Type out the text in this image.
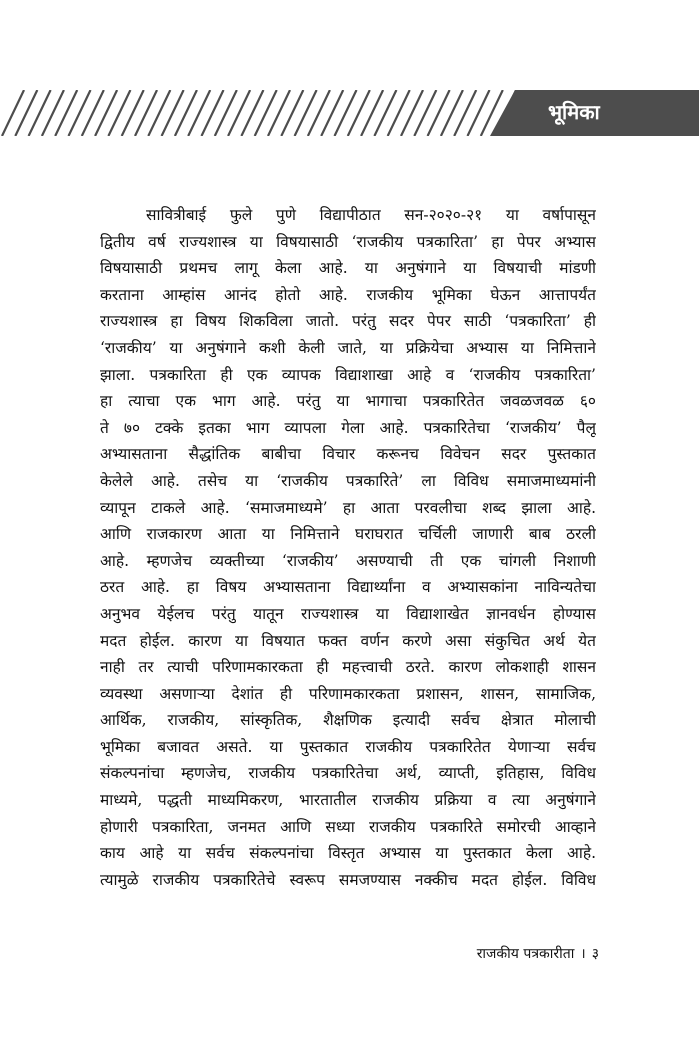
भूमिका
सावित्रीबाई फुले पुणे विद्यापीठात सन-२०२०-२१ या वर्षापासून
द्वितीय वर्ष राज्यशास्त्र या विषयासाठी ‘राजकीय पत्रकारिता’ हा पेपर अभ्यास
विषयासाठी प्रथमच लागू केला आहे. या अनुषंगाने या विषयाची मांडणी
करताना आम्हांस आनंद होतो आहे. राजकीय भूमिका घेऊन आत्तापर्यंत
राज्यशास्त्र हा विषय शिकविला जातो. परंतु सदर पेपर साठी ‘पत्रकारिता’ ही
‘राजकीय’ या अनुषंगाने कशी केली जाते, या प्रक्रियेचा अभ्यास या निमित्ताने
झाला. पत्रकारिता ही एक व्यापक विद्याशाखा आहे व ‘राजकीय पत्रकारिता’
हा त्याचा एक भाग आहे. परंतु या भागाचा पत्रकारितेत जवळजवळ ६०
ते ७० टक्के इतका भाग व्यापला गेला आहे. पत्रकारितेचा ‘राजकीय’ पैलू
अभ्यासताना सैद्धांतिक बाबीचा विचार करूनच विवेचन सदर पुस्तकात
केलेले आहे. तसेच या ‘राजकीय पत्रकारिते’ ला विविध समाजमाध्यमांनी
व्यापून टाकले आहे. ‘समाजमाध्यमे’ हा आता परवलीचा शब्द झाला आहे.
आणि राजकारण आता या निमित्ताने घराघरात चर्चिली जाणारी बाब ठरली
आहे. म्हणजेच व्यक्तीच्या ‘राजकीय’ असण्याची ती एक चांगली निशाणी
ठरत आहे. हा विषय अभ्यासताना विद्यार्थ्यांना व अभ्यासकांना नाविन्यतेचा
अनुभव येईलच परंतु यातून राज्यशास्त्र या विद्याशाखेत ज्ञानवर्धन होण्यास
मदत होईल. कारण या विषयात फक्त वर्णन करणे असा संकुचित अर्थ येत
नाही तर त्याची परिणामकारकता ही महत्त्वाची ठरते. कारण लोकशाही शासन
व्यवस्था असणाऱ्या देशांत ही परिणामकारकता प्रशासन, शासन, सामाजिक,
आर्थिक, राजकीय, सांस्कृतिक, शैक्षणिक इत्यादी सर्वच क्षेत्रात मोलाची
भूमिका बजावत असते. या पुस्तकात राजकीय पत्रकारितेत येणाऱ्या सर्वच
संकल्पनांचा म्हणजेच, राजकीय पत्रकारितेचा अर्थ, व्याप्ती, इतिहास, विविध
माध्यमे, पद्धती माध्यमिकरण, भारतातील राजकीय प्रक्रिया व त्या अनुषंगाने
होणारी पत्रकारिता, जनमत आणि सध्या राजकीय पत्रकारिते समोरची आव्हाने
काय आहे या सर्वच संकल्पनांचा विस्तृत अभ्यास या पुस्तकात केला आहे.
त्यामुळे राजकीय पत्रकारितेचे स्वरूप समजण्यास नक्कीच मदत होईल. विविध
राजकीय पत्रकारीता । ३
